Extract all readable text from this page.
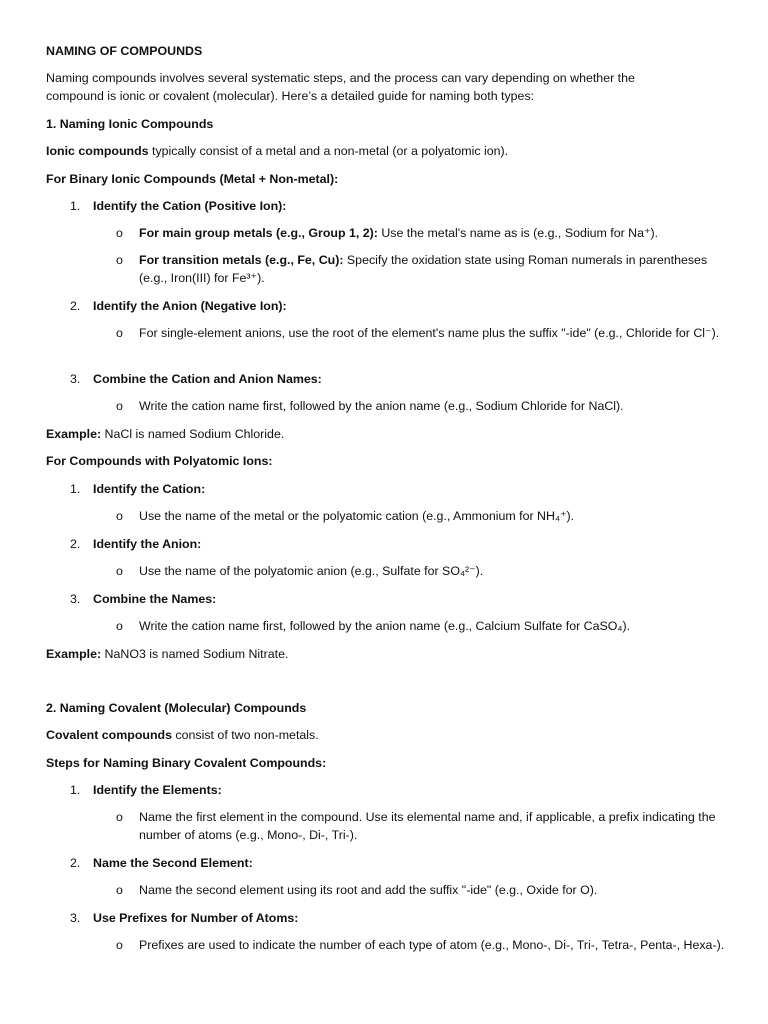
NAMING OF COMPOUNDS
Naming compounds involves several systematic steps, and the process can vary depending on whether the compound is ionic or covalent (molecular). Here’s a detailed guide for naming both types:
1. Naming Ionic Compounds
Ionic compounds typically consist of a metal and a non-metal (or a polyatomic ion).
For Binary Ionic Compounds (Metal + Non-metal):
1. Identify the Cation (Positive Ion):
o For main group metals (e.g., Group 1, 2): Use the metal's name as is (e.g., Sodium for Na⁺).
o For transition metals (e.g., Fe, Cu): Specify the oxidation state using Roman numerals in parentheses (e.g., Iron(III) for Fe³⁺).
2. Identify the Anion (Negative Ion):
o For single-element anions, use the root of the element's name plus the suffix "-ide" (e.g., Chloride for Cl⁻).
3. Combine the Cation and Anion Names:
o Write the cation name first, followed by the anion name (e.g., Sodium Chloride for NaCl).
Example: NaCl is named Sodium Chloride.
For Compounds with Polyatomic Ions:
1. Identify the Cation:
o Use the name of the metal or the polyatomic cation (e.g., Ammonium for NH₄⁺).
2. Identify the Anion:
o Use the name of the polyatomic anion (e.g., Sulfate for SO₄²⁻).
3. Combine the Names:
o Write the cation name first, followed by the anion name (e.g., Calcium Sulfate for CaSO₄).
Example: NaNO3 is named Sodium Nitrate.
2. Naming Covalent (Molecular) Compounds
Covalent compounds consist of two non-metals.
Steps for Naming Binary Covalent Compounds:
1. Identify the Elements:
o Name the first element in the compound. Use its elemental name and, if applicable, a prefix indicating the number of atoms (e.g., Mono-, Di-, Tri-).
2. Name the Second Element:
o Name the second element using its root and add the suffix "-ide" (e.g., Oxide for O).
3. Use Prefixes for Number of Atoms:
o Prefixes are used to indicate the number of each type of atom (e.g., Mono-, Di-, Tri-, Tetra-, Penta-, Hexa-).
